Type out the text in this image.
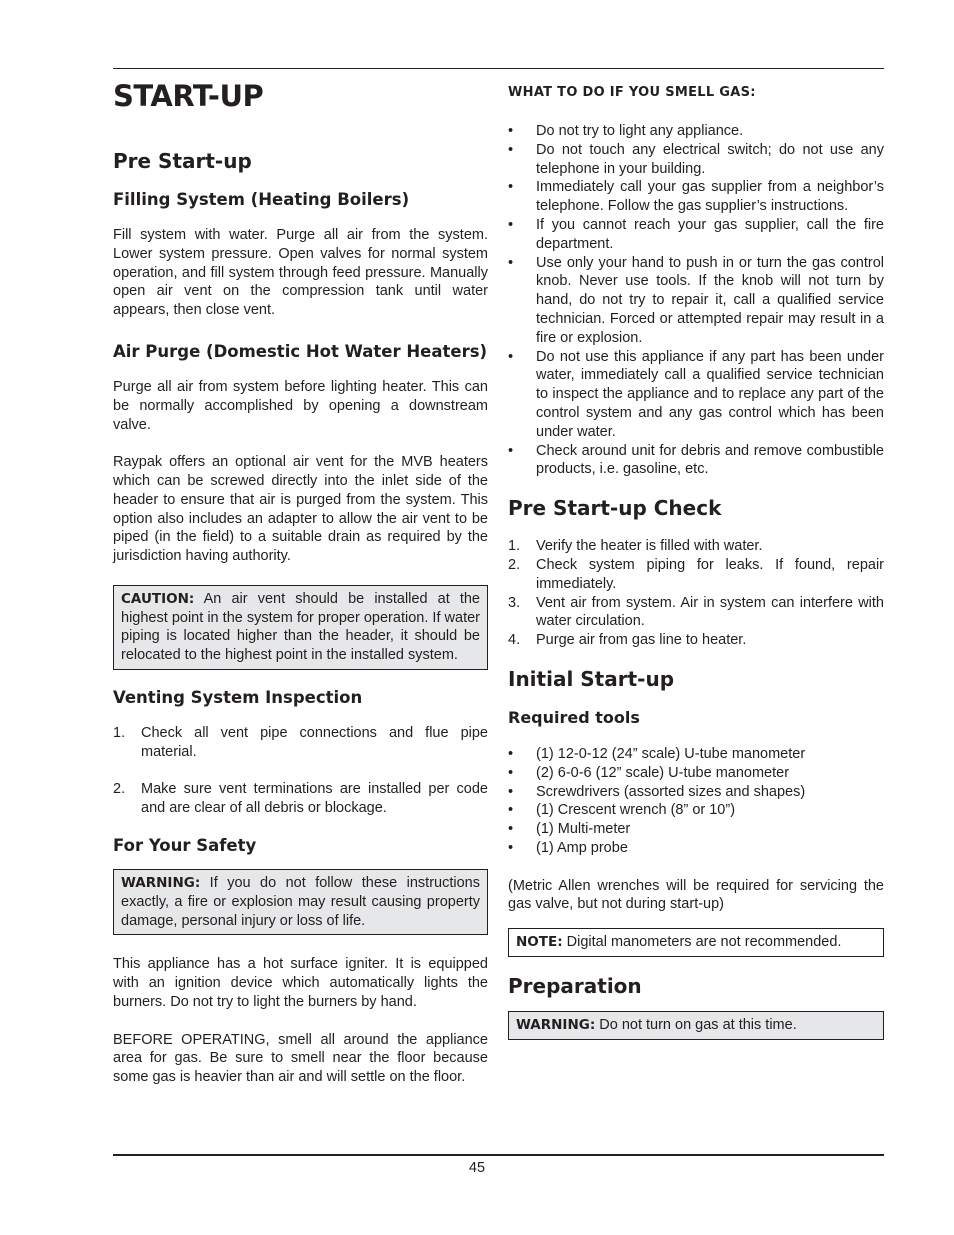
START-UP
Pre Start-up
Filling System (Heating Boilers)

Fill system with water. Purge all air from the system. Lower system pressure. Open valves for normal system operation, and fill system through feed pressure. Manually open air vent on the compression tank until water appears, then close vent.

Air Purge (Domestic Hot Water Heaters)

Purge all air from system before lighting heater. This can be normally accomplished by opening a downstream valve.

Raypak offers an optional air vent for the MVB heaters which can be screwed directly into the inlet side of the header to ensure that air is purged from the system. This option also includes an adapter to allow the air vent to be piped (in the field) to a suitable drain as required by the jurisdiction having authority.

CAUTION: An air vent should be installed at the highest point in the system for proper operation. If water piping is located higher than the header, it should be relocated to the highest point in the installed system.
Venting System Inspection
1. Check all vent pipe connections and flue pipe material.
2. Make sure vent terminations are installed per code and are clear of all debris or blockage.
For Your Safety
WARNING: If you do not follow these instructions exactly, a fire or explosion may result causing property damage, personal injury or loss of life.

This appliance has a hot surface igniter. It is equipped with an ignition device which automatically lights the burners. Do not try to light the burners by hand.

BEFORE OPERATING, smell all around the appliance area for gas. Be sure to smell near the floor because some gas is heavier than air and will settle on the floor.

WHAT TO DO IF YOU SMELL GAS:
• Do not try to light any appliance.
• Do not touch any electrical switch; do not use any telephone in your building.
• Immediately call your gas supplier from a neighbor’s telephone. Follow the gas supplier’s instructions.
• If you cannot reach your gas supplier, call the fire department.
• Use only your hand to push in or turn the gas control knob. Never use tools. If the knob will not turn by hand, do not try to repair it, call a qualified service technician. Forced or attempted repair may result in a fire or explosion.
• Do not use this appliance if any part has been under water, immediately call a qualified service technician to inspect the appliance and to replace any part of the control system and any gas control which has been under water.
• Check around unit for debris and remove combustible products, i.e. gasoline, etc.
Pre Start-up Check
1. Verify the heater is filled with water.
2. Check system piping for leaks. If found, repair immediately.
3. Vent air from system. Air in system can interfere with water circulation.
4. Purge air from gas line to heater.
Initial Start-up
Required tools
• (1) 12-0-12 (24” scale) U-tube manometer
• (2) 6-0-6 (12” scale) U-tube manometer
• Screwdrivers (assorted sizes and shapes)
• (1) Crescent wrench (8” or 10”)
• (1) Multi-meter
• (1) Amp probe

(Metric Allen wrenches will be required for servicing the gas valve, but not during start-up)

NOTE: Digital manometers are not recommended.
Preparation
WARNING: Do not turn on gas at this time.
45
